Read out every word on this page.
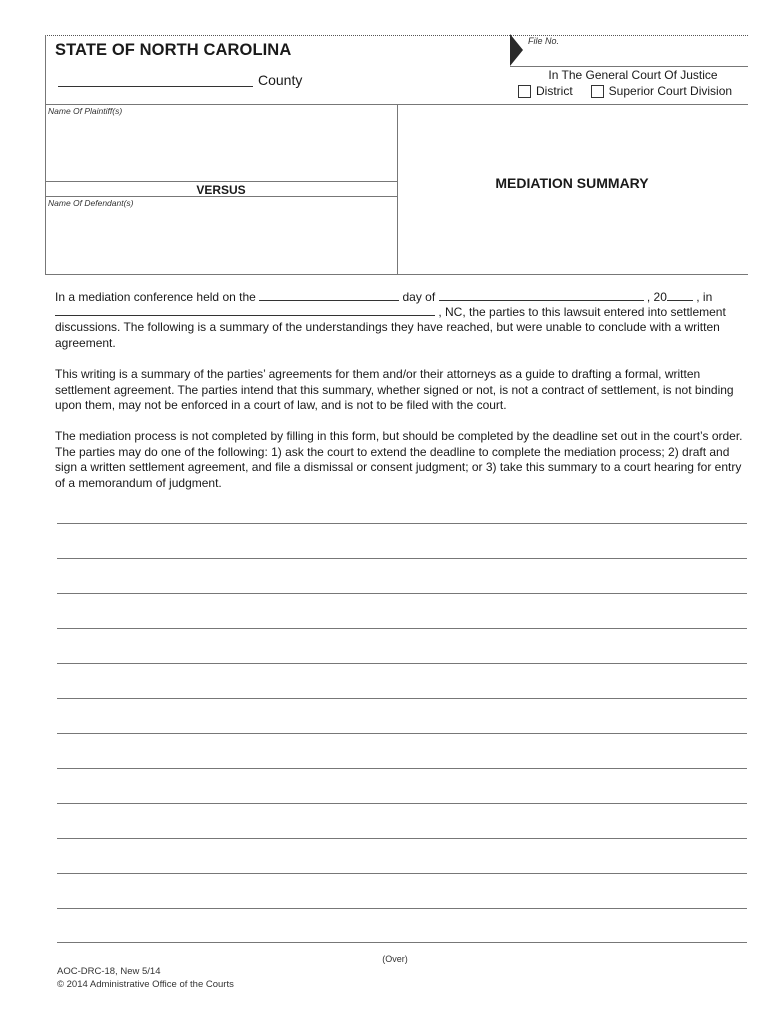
STATE OF NORTH CAROLINA
County
File No.
In The General Court Of Justice
District	Superior Court Division
Name Of Plaintiff(s)
VERSUS
Name Of Defendant(s)
MEDIATION SUMMARY
In a mediation conference held on the	day of	, 20 , in
, NC, the parties to this lawsuit entered into settlement
discussions. The following is a summary of the understandings they have reached, but were unable to conclude with a written agreement.
This writing is a summary of the parties’ agreements for them and/or their attorneys as a guide to drafting a formal, written settlement agreement. The parties intend that this summary, whether signed or not, is not a contract of settlement, is not binding upon them, may not be enforced in a court of law, and is not to be filed with the court.
The mediation process is not completed by filling in this form, but should be completed by the deadline set out in the court’s order. The parties may do one of the following: 1) ask the court to extend the deadline to complete the mediation process; 2) draft and sign a written settlement agreement, and file a dismissal or consent judgment; or 3) take this summary to a court hearing for entry of a memorandum of judgment.
(Over)
AOC-DRC-18, New 5/14
© 2014 Administrative Office of the Courts
